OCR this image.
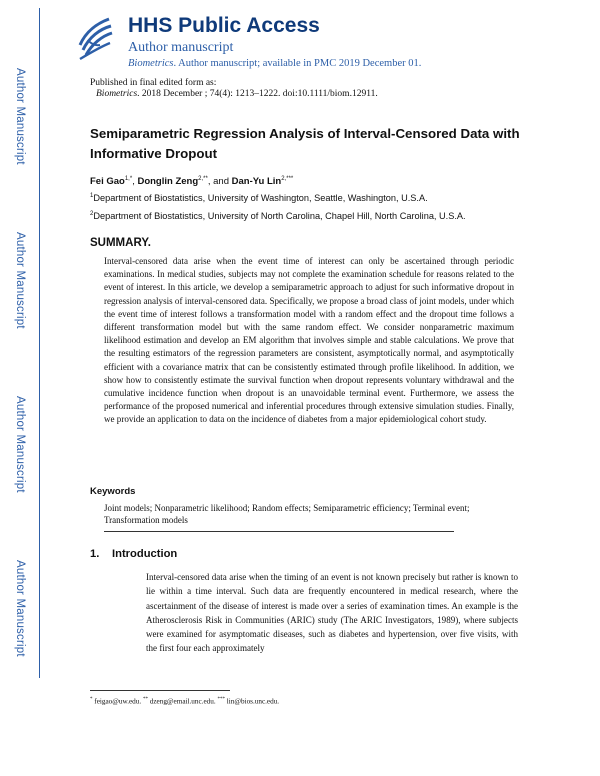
Author Manuscript
Author Manuscript
Author Manuscript
Author Manuscript
HHS Public Access
Author manuscript
Biometrics. Author manuscript; available in PMC 2019 December 01.
Published in final edited form as:
Biometrics. 2018 December ; 74(4): 1213–1222. doi:10.1111/biom.12911.
Semiparametric Regression Analysis of Interval-Censored Data with Informative Dropout
Fei Gao$^{1,*}$, Donglin Zeng$^{2,**}$, and Dan-Yu Lin$^{2,***}$
$^1$Department of Biostatistics, University of Washington, Seattle, Washington, U.S.A.
$^2$Department of Biostatistics, University of North Carolina, Chapel Hill, North Carolina, U.S.A.
SUMMARY.
Interval-censored data arise when the event time of interest can only be ascertained through periodic examinations. In medical studies, subjects may not complete the examination schedule for reasons related to the event of interest. In this article, we develop a semiparametric approach to adjust for such informative dropout in regression analysis of interval-censored data. Specifically, we propose a broad class of joint models, under which the event time of interest follows a transformation model with a random effect and the dropout time follows a different transformation model but with the same random effect. We consider nonparametric maximum likelihood estimation and develop an EM algorithm that involves simple and stable calculations. We prove that the resulting estimators of the regression parameters are consistent, asymptotically normal, and asymptotically efficient with a covariance matrix that can be consistently estimated through profile likelihood. In addition, we show how to consistently estimate the survival function when dropout represents voluntary withdrawal and the cumulative incidence function when dropout is an unavoidable terminal event. Furthermore, we assess the performance of the proposed numerical and inferential procedures through extensive simulation studies. Finally, we provide an application to data on the incidence of diabetes from a major epidemiological cohort study.
Keywords
Joint models; Nonparametric likelihood; Random effects; Semiparametric efficiency; Terminal event; Transformation models
1. Introduction
Interval-censored data arise when the timing of an event is not known precisely but rather is known to lie within a time interval. Such data are frequently encountered in medical research, where the ascertainment of the disease of interest is made over a series of examination times. An example is the Atherosclerosis Risk in Communities (ARIC) study (The ARIC Investigators, 1989), where subjects were examined for asymptomatic diseases, such as diabetes and hypertension, over five visits, with the first four each approximately
* feigao@uw.edu. ** dzeng@email.unc.edu. *** lin@bios.unc.edu.
